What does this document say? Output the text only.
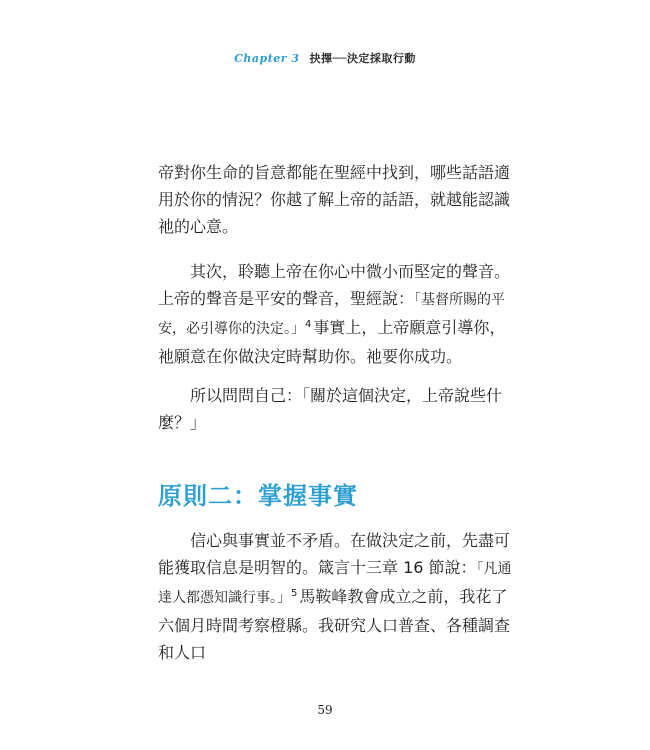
Chapter 3 抉擇──決定採取行動

帝對你生命的旨意都能在聖經中找到，哪些話語適用於你的情況？你越了解上帝的話語，就越能認識祂的心意。

其次，聆聽上帝在你心中微小而堅定的聲音。上帝的聲音是平安的聲音，聖經說：「基督所賜的平安，必引導你的決定。」$^4$ 事實上，上帝願意引導你，祂願意在你做決定時幫助你。祂要你成功。

所以問問自己：「關於這個決定，上帝說些什麼？」

原則二：掌握事實

信心與事實並不矛盾。在做決定之前，先盡可能獲取信息是明智的。箴言十三章 16 節說：「凡通達人都憑知識行事。」$^5$ 馬鞍峰教會成立之前，我花了六個月時間考察橙縣。我研究人口普查、各種調查和人口

59
